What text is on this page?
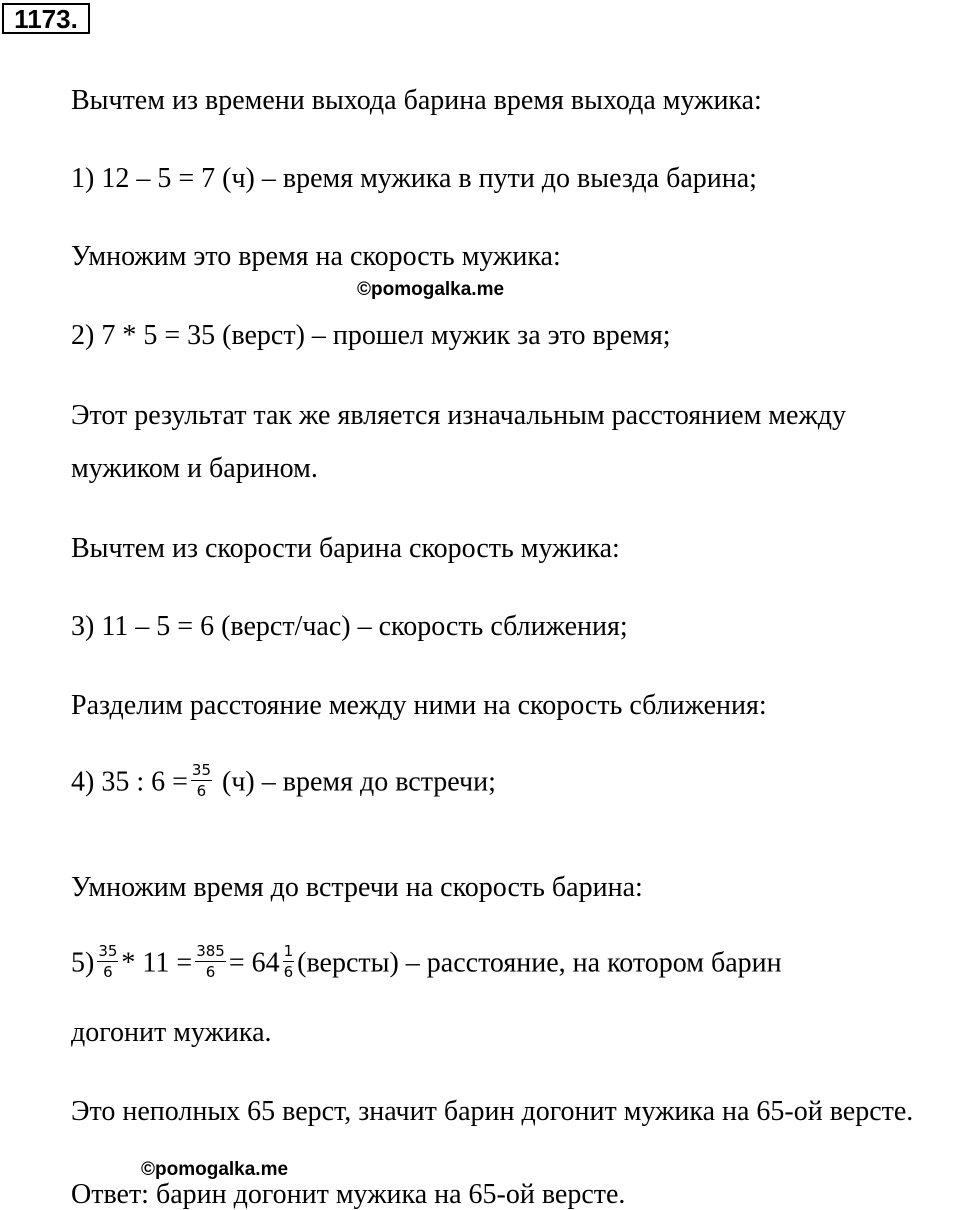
1173.
Вычтем из времени выхода барина время выхода мужика:
1) 12 – 5 = 7 (ч) – время мужика в пути до выезда барина;
Умножим это время на скорость мужика:
©pomogalka.me
2) 7 * 5 = 35 (верст) – прошел мужик за это время;
Этот результат так же является изначальным расстоянием между
мужиком и барином.
Вычтем из скорости барина скорость мужика:
3) 11 – 5 = 6 (верст/час) – скорость сближения;
Разделим расстояние между ними на скорость сближения:
4) 35 : $6 = \frac{35}{6} (ч)$ – время до встречи;
Умножим время до встречи на скорость барина:
$5) \frac{35}{6} * 11 = \frac{385}{6} = 64 \frac{1}{6}$ (версты) – расстояние, на котором барин
догонит мужика.
Это неполных 65 верст, значит барин догонит мужика на 65-ой версте.
©pomogalka.me
Ответ: барин догонит мужика на 65-ой версте.
